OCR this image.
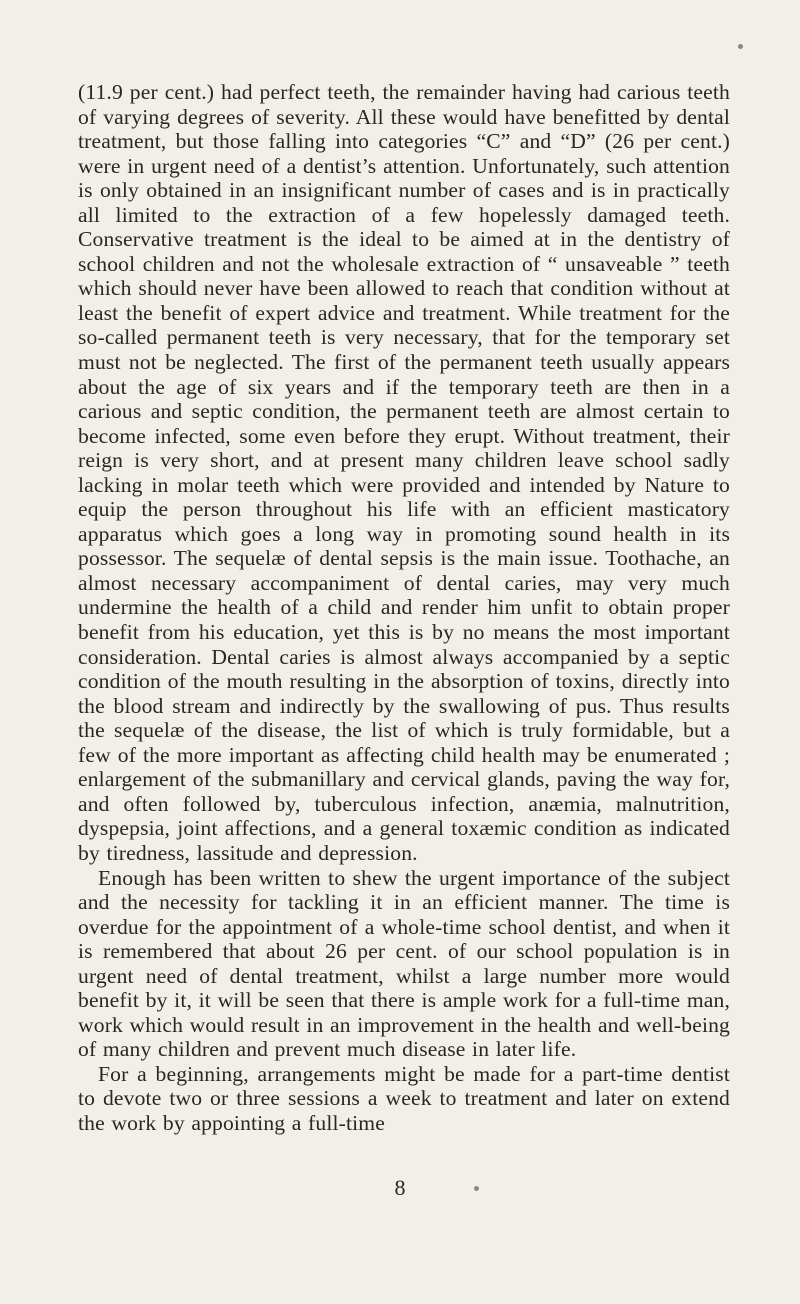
(11.9 per cent.) had perfect teeth, the remainder having had carious teeth of varying degrees of severity. All these would have benefitted by dental treatment, but those falling into categories “C” and “D” (26 per cent.) were in urgent need of a dentist’s attention. Unfortunately, such attention is only obtained in an insignificant number of cases and is in practically all limited to the extraction of a few hopelessly damaged teeth. Conservative treatment is the ideal to be aimed at in the dentistry of school children and not the wholesale extraction of “ unsaveable ” teeth which should never have been allowed to reach that condition without at least the benefit of expert advice and treatment. While treatment for the so-called permanent teeth is very necessary, that for the temporary set must not be neglected. The first of the permanent teeth usually appears about the age of six years and if the temporary teeth are then in a carious and septic condition, the permanent teeth are almost certain to become infected, some even before they erupt. Without treatment, their reign is very short, and at present many children leave school sadly lacking in molar teeth which were provided and intended by Nature to equip the person throughout his life with an efficient masticatory apparatus which goes a long way in promoting sound health in its possessor. The sequelæ of dental sepsis is the main issue. Toothache, an almost necessary accompaniment of dental caries, may very much undermine the health of a child and render him unfit to obtain proper benefit from his education, yet this is by no means the most important consideration. Dental caries is almost always accompanied by a septic condition of the mouth resulting in the absorption of toxins, directly into the blood stream and indirectly by the swallowing of pus. Thus results the sequelæ of the disease, the list of which is truly formidable, but a few of the more important as affecting child health may be enumerated ; enlargement of the submanillary and cervical glands, paving the way for, and often followed by, tuberculous infection, anæmia, malnutrition, dyspepsia, joint affections, and a general toxæmic condition as indicated by tiredness, lassitude and depression.

Enough has been written to shew the urgent importance of the subject and the necessity for tackling it in an efficient manner. The time is overdue for the appointment of a whole-time school dentist, and when it is remembered that about 26 per cent. of our school population is in urgent need of dental treatment, whilst a large number more would benefit by it, it will be seen that there is ample work for a full-time man, work which would result in an improvement in the health and well-being of many children and prevent much disease in later life.

For a beginning, arrangements might be made for a part-time dentist to devote two or three sessions a week to treatment and later on extend the work by appointing a full-time

8
